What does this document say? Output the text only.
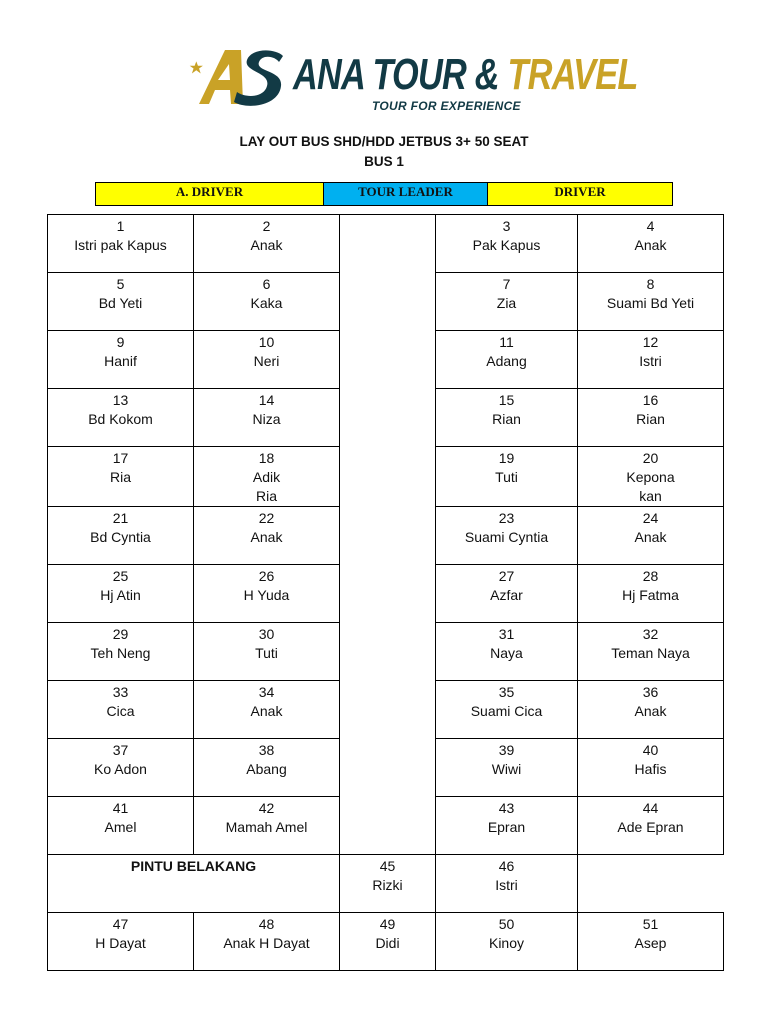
ANA TOUR & TRAVEL
TOUR FOR EXPERIENCE
LAY OUT BUS SHD/HDD JETBUS 3+ 50 SEAT
BUS 1
A. DRIVER	TOUR LEADER	DRIVER
1
Istri pak Kapus	2
Anak		3
Pak Kapus	4
Anak

5
Bd Yeti	6
Kaka		7
Zia	8
Suami Bd Yeti

9
Hanif	10
Neri		11
Adang	12
Istri

13
Bd Kokom	14
Niza		15
Rian	16
Rian

17
Ria	18
Adik
Ria		19
Tuti	20
Kepona
kan

21
Bd Cyntia	22
Anak		23
Suami Cyntia	24
Anak

25
Hj Atin	26
H Yuda		27
Azfar	28
Hj Fatma

29
Teh Neng	30
Tuti		31
Naya	32
Teman Naya

33
Cica	34
Anak		35
Suami Cica	36
Anak

37
Ko Adon	38
Abang		39
Wiwi	40
Hafis

41
Amel	42
Mamah Amel		43
Epran	44
Ade Epran

PINTU BELAKANG		45
Rizki	46
Istri	

47
H Dayat	48
Anak H Dayat	49
Didi	50
Kinoy	51
Asep
